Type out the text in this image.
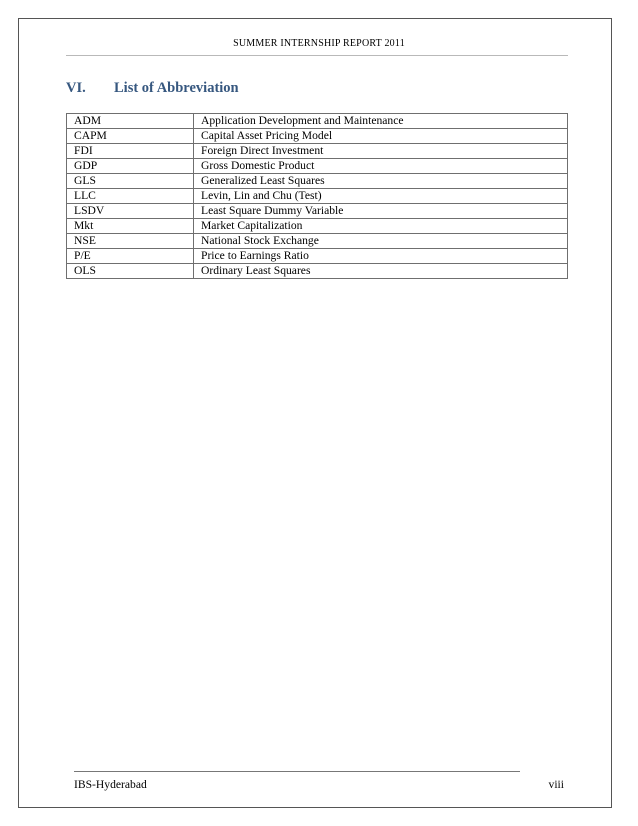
SUMMER INTERNSHIP REPORT 2011
VI. List of Abbreviation
ADM	Application Development and Maintenance
CAPM	Capital Asset Pricing Model
FDI	Foreign Direct Investment
GDP	Gross Domestic Product
GLS	Generalized Least Squares
LLC	Levin, Lin and Chu (Test)
LSDV	Least Square Dummy Variable
Mkt	Market Capitalization
NSE	National Stock Exchange
P/E	Price to Earnings Ratio
OLS	Ordinary Least Squares
IBS-Hyderabad	viii
